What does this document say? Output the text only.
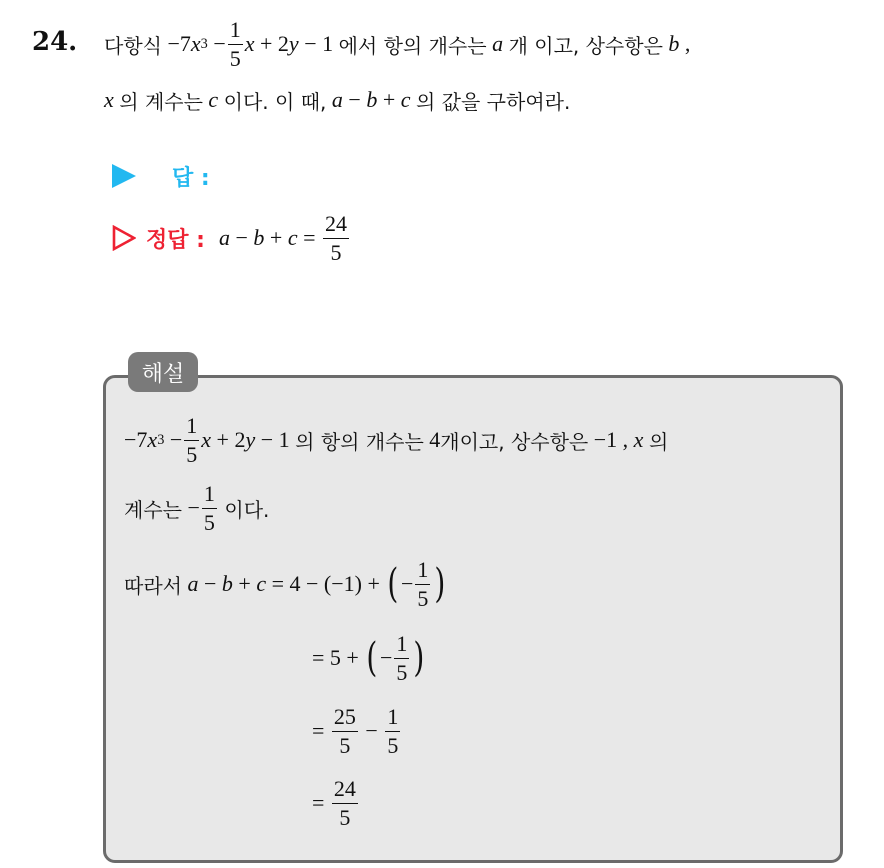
24. 다항식
−7 x 3
− $\frac{1}{5}$ x
+ 2 y
− 1
에서 항의 개수는
a
개 이고, 상수항은
b
,
x
의 계수는
c
이다. 이 때,
a
−
b
+
c
의 값을 구하여라.
답 :
정답 : a
−
b
+
c
=
$\frac{24}{5}$
해설
−7 x 3
− $\frac{1}{5}$ x
+ 2 y
− 1
의 항의 개수는
4 개이고, 상수항은
−1
,
x
의
계수는
− $\frac{1}{5}$
이다.
따라서
a
−
b
+
c
= 4 − (−1) +
( − $\frac{1}{5}$ )
= 5 +
( − $\frac{1}{5}$ )
=
$\frac{25}{5}$
−
$\frac{1}{5}$
=
$\frac{24}{5}$
